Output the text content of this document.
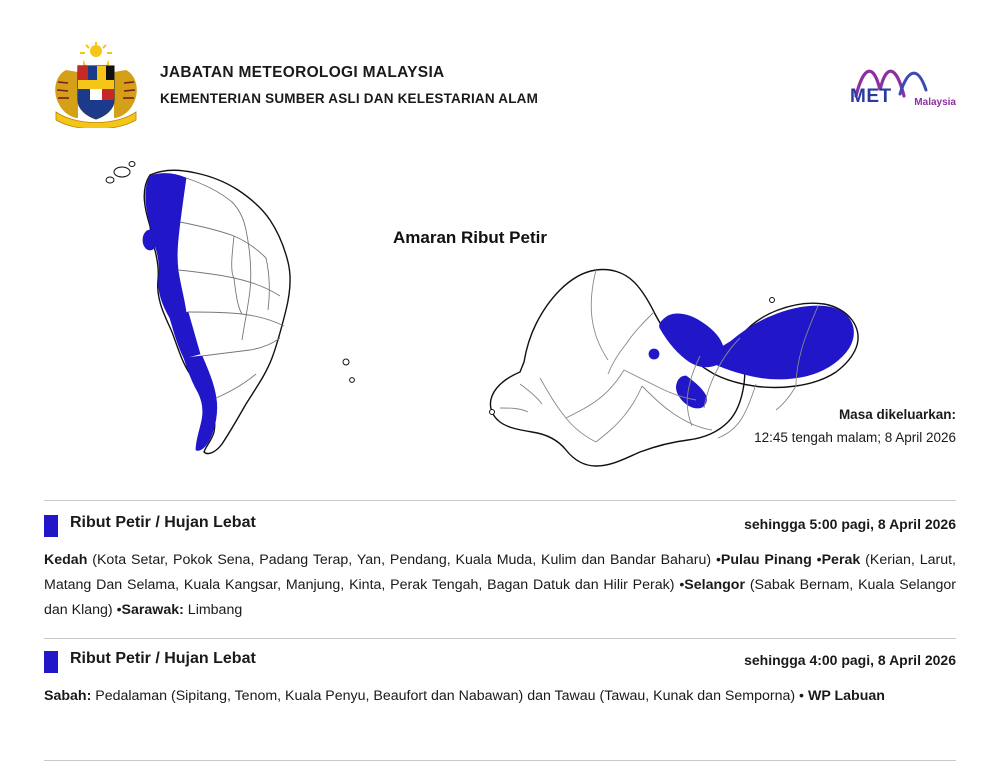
JABATAN METEOROLOGI MALAYSIA
KEMENTERIAN SUMBER ASLI DAN KELESTARIAN ALAM	MET Malaysia
Amaran Ribut Petir
Masa dikeluarkan:
12:45 tengah malam; 8 April 2026
Ribut Petir / Hujan Lebat	sehingga 5:00 pagi, 8 April 2026
Kedah (Kota Setar, Pokok Sena, Padang Terap, Yan, Pendang, Kuala Muda, Kulim dan Bandar Baharu) •Pulau Pinang •Perak (Kerian, Larut, Matang Dan Selama, Kuala Kangsar, Manjung, Kinta, Perak Tengah, Bagan Datuk dan Hilir Perak) •Selangor (Sabak Bernam, Kuala Selangor dan Klang) •Sarawak: Limbang
Ribut Petir / Hujan Lebat	sehingga 4:00 pagi, 8 April 2026
Sabah: Pedalaman (Sipitang, Tenom, Kuala Penyu, Beaufort dan Nabawan) dan Tawau (Tawau, Kunak dan Semporna) • WP Labuan
